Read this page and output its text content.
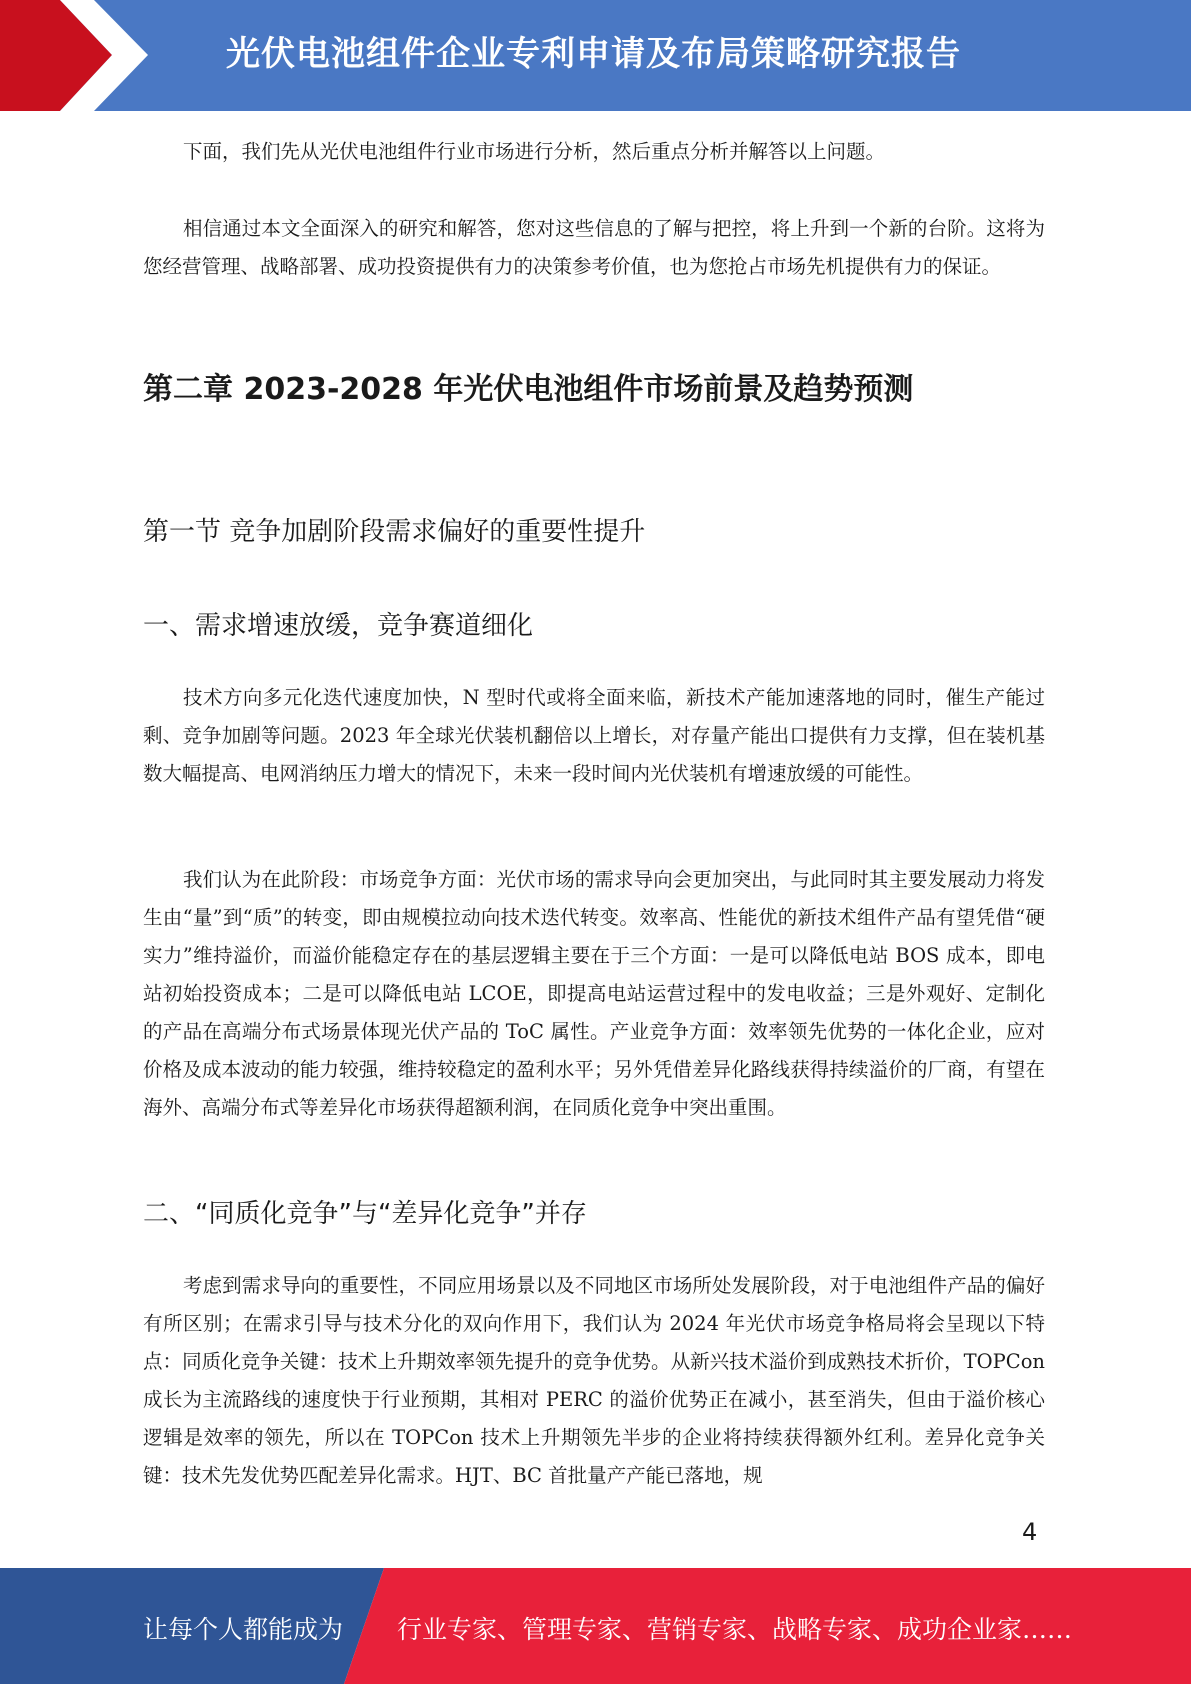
光伏电池组件企业专利申请及布局策略研究报告

下面，我们先从光伏电池组件行业市场进行分析，然后重点分析并解答以上问题。

相信通过本文全面深入的研究和解答，您对这些信息的了解与把控，将上升到一个新的台阶。这将为您经营管理、战略部署、成功投资提供有力的决策参考价值，也为您抢占市场先机提供有力的保证。

第二章 2023-2028 年光伏电池组件市场前景及趋势预测
第一节 竞争加剧阶段需求偏好的重要性提升
一、需求增速放缓，竞争赛道细化

技术方向多元化迭代速度加快，N 型时代或将全面来临，新技术产能加速落地的同时，催生产能过剩、竞争加剧等问题。2023 年全球光伏装机翻倍以上增长，对存量产能出口提供有力支撑，但在装机基数大幅提高、电网消纳压力增大的情况下，未来一段时间内光伏装机有增速放缓的可能性。

我们认为在此阶段：市场竞争方面：光伏市场的需求导向会更加突出，与此同时其主要发展动力将发生由“量”到“质”的转变，即由规模拉动向技术迭代转变。效率高、性能优的新技术组件产品有望凭借“硬实力”维持溢价，而溢价能稳定存在的基层逻辑主要在于三个方面：一是可以降低电站 BOS 成本，即电站初始投资成本；二是可以降低电站 LCOE，即提高电站运营过程中的发电收益；三是外观好、定制化的产品在高端分布式场景体现光伏产品的 ToC 属性。产业竞争方面：效率领先优势的一体化企业，应对价格及成本波动的能力较强，维持较稳定的盈利水平；另外凭借差异化路线获得持续溢价的厂商，有望在海外、高端分布式等差异化市场获得超额利润，在同质化竞争中突出重围。

二、“同质化竞争”与“差异化竞争”并存

考虑到需求导向的重要性，不同应用场景以及不同地区市场所处发展阶段，对于电池组件产品的偏好有所区别；在需求引导与技术分化的双向作用下，我们认为 2024 年光伏市场竞争格局将会呈现以下特点：同质化竞争关键：技术上升期效率领先提升的竞争优势。从新兴技术溢价到成熟技术折价，TOPCon 成长为主流路线的速度快于行业预期，其相对 PERC 的溢价优势正在减小，甚至消失，但由于溢价核心逻辑是效率的领先，所以在 TOPCon 技术上升期领先半步的企业将持续获得额外红利。差异化竞争关键：技术先发优势匹配差异化需求。HJT、BC 首批量产产能已落地，规

4
让每个人都能成为 行业专家、管理专家、营销专家、战略专家、成功企业家……
